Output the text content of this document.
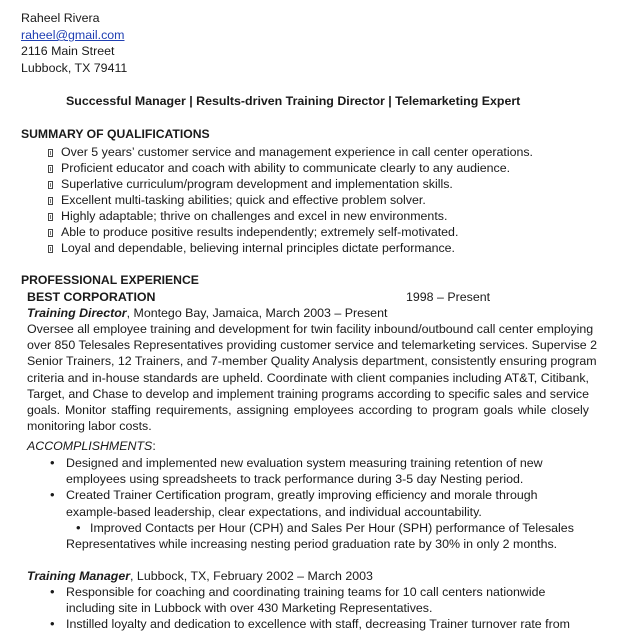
Raheel Rivera
raheel@gmail.com
2116 Main Street
Lubbock, TX 79411
Successful Manager | Results-driven Training Director | Telemarketing Expert
SUMMARY OF QUALIFICATIONS
Over 5 years’ customer service and management experience in call center operations.
Proficient educator and coach with ability to communicate clearly to any audience.
Superlative curriculum/program development and implementation skills.
Excellent multi-tasking abilities; quick and effective problem solver.
Highly adaptable; thrive on challenges and excel in new environments.
Able to produce positive results independently; extremely self-motivated.
Loyal and dependable, believing internal principles dictate performance.
PROFESSIONAL EXPERIENCE
BEST CORPORATION	1998 – Present
Training Director, Montego Bay, Jamaica, March 2003 – Present
Oversee all employee training and development for twin facility inbound/outbound call center employing
over 850 Telesales Representatives providing customer service and telemarketing services. Supervise 2
Senior Trainers, 12 Trainers, and 7-member Quality Analysis department, consistently ensuring program
criteria and in-house standards are upheld. Coordinate with client companies including AT&T, Citibank,
Target, and Chase to develop and implement training programs according to specific sales and service
goals. Monitor staffing requirements, assigning employees according to program goals while closely
monitoring labor costs.
ACCOMPLISHMENTS:
• Designed and implemented new evaluation system measuring training retention of new
employees using spreadsheets to track performance during 3-5 day Nesting period.
• Created Trainer Certification program, greatly improving efficiency and morale through
example-based leadership, clear expectations, and individual accountability.
• Improved Contacts per Hour (CPH) and Sales Per Hour (SPH) performance of Telesales
Representatives while increasing nesting period graduation rate by 30% in only 2 months.
Training Manager, Lubbock, TX, February 2002 – March 2003
• Responsible for coaching and coordinating training teams for 10 call centers nationwide
including site in Lubbock with over 430 Marketing Representatives.
• Instilled loyalty and dedication to excellence with staff, decreasing Trainer turnover rate from
